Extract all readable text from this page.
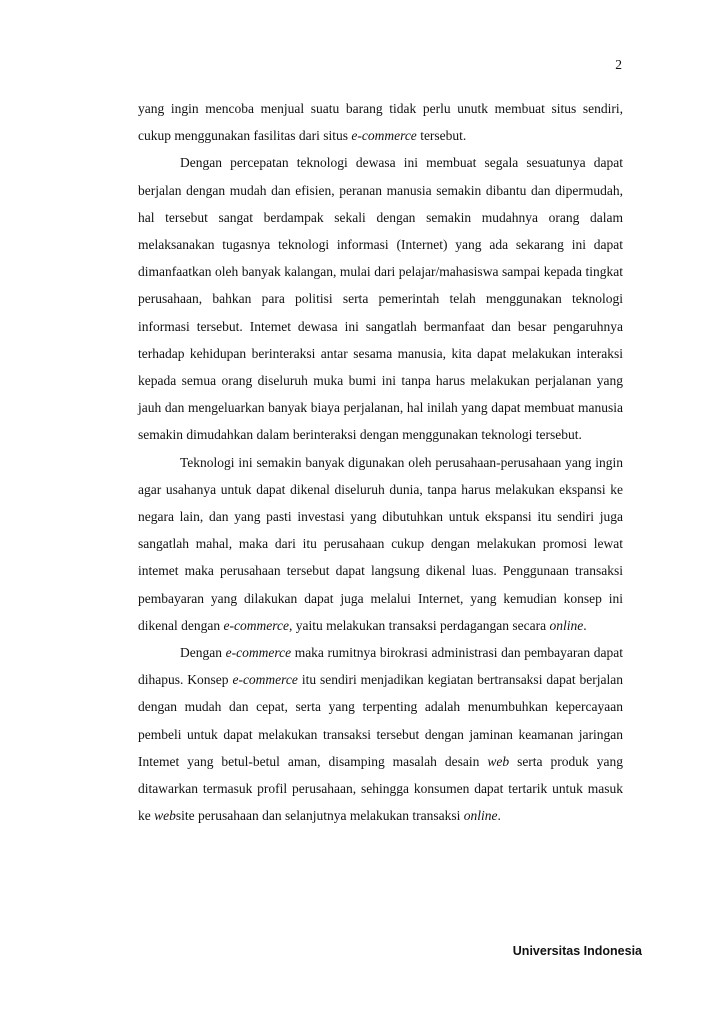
2

yang ingin mencoba menjual suatu barang tidak perlu unutk membuat situs sendiri, cukup menggunakan fasilitas dari situs e-commerce tersebut.

Dengan percepatan teknologi dewasa ini membuat segala sesuatunya dapat berjalan dengan mudah dan efisien, peranan manusia semakin dibantu dan dipermudah, hal tersebut sangat berdampak sekali dengan semakin mudahnya orang dalam melaksanakan tugasnya teknologi informasi (Internet) yang ada sekarang ini dapat dimanfaatkan oleh banyak kalangan, mulai dari pelajar/mahasiswa sampai kepada tingkat perusahaan, bahkan para politisi serta pemerintah telah menggunakan teknologi informasi tersebut. Intemet dewasa ini sangatlah bermanfaat dan besar pengaruhnya terhadap kehidupan berinteraksi antar sesama manusia, kita dapat melakukan interaksi kepada semua orang diseluruh muka bumi ini tanpa harus melakukan perjalanan yang jauh dan mengeluarkan banyak biaya perjalanan, hal inilah yang dapat membuat manusia semakin dimudahkan dalam berinteraksi dengan menggunakan teknologi tersebut.

Teknologi ini semakin banyak digunakan oleh perusahaan-perusahaan yang ingin agar usahanya untuk dapat dikenal diseluruh dunia, tanpa harus melakukan ekspansi ke negara lain, dan yang pasti investasi yang dibutuhkan untuk ekspansi itu sendiri juga sangatlah mahal, maka dari itu perusahaan cukup dengan melakukan promosi lewat intemet maka perusahaan tersebut dapat langsung dikenal luas. Penggunaan transaksi pembayaran yang dilakukan dapat juga melalui Internet, yang kemudian konsep ini dikenal dengan e-commerce, yaitu melakukan transaksi perdagangan secara online.

Dengan e-commerce maka rumitnya birokrasi administrasi dan pembayaran dapat dihapus. Konsep e-commerce itu sendiri menjadikan kegiatan bertransaksi dapat berjalan dengan mudah dan cepat, serta yang terpenting adalah menumbuhkan kepercayaan pembeli untuk dapat melakukan transaksi tersebut dengan jaminan keamanan jaringan Intemet yang betul-betul aman, disamping masalah desain web serta produk yang ditawarkan termasuk profil perusahaan, sehingga konsumen dapat tertarik untuk masuk ke website perusahaan dan selanjutnya melakukan transaksi online.

Universitas Indonesia
